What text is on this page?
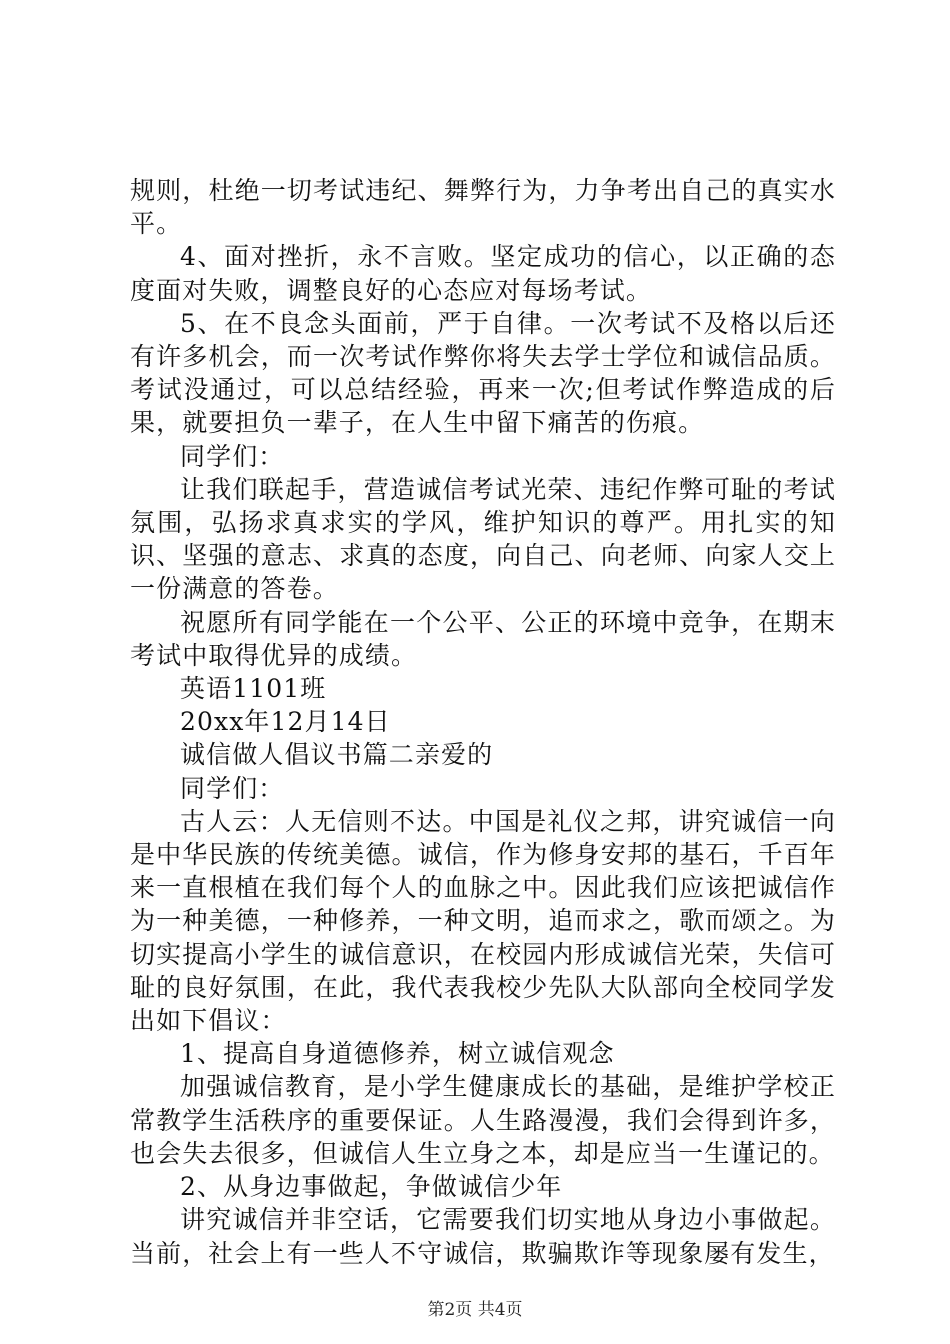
规则，杜绝一切考试违纪、舞弊行为，力争考出自己的真实水平。

4、面对挫折，永不言败。坚定成功的信心，以正确的态度面对失败，调整良好的心态应对每场考试。

5、在不良念头面前，严于自律。一次考试不及格以后还有许多机会，而一次考试作弊你将失去学士学位和诚信品质。考试没通过，可以总结经验，再来一次;但考试作弊造成的后果，就要担负一辈子，在人生中留下痛苦的伤痕。

同学们：

让我们联起手，营造诚信考试光荣、违纪作弊可耻的考试氛围，弘扬求真求实的学风，维护知识的尊严。用扎实的知识、坚强的意志、求真的态度，向自己、向老师、向家人交上一份满意的答卷。

祝愿所有同学能在一个公平、公正的环境中竞争，在期末考试中取得优异的成绩。

英语1101班

20xx年12月14日

诚信做人倡议书篇二亲爱的

同学们：

古人云：人无信则不达。中国是礼仪之邦，讲究诚信一向是中华民族的传统美德。诚信，作为修身安邦的基石，千百年来一直根植在我们每个人的血脉之中。因此我们应该把诚信作为一种美德，一种修养，一种文明，追而求之，歌而颂之。为切实提高小学生的诚信意识，在校园内形成诚信光荣，失信可耻的良好氛围，在此，我代表我校少先队大队部向全校同学发出如下倡议：

1、提高自身道德修养，树立诚信观念

加强诚信教育，是小学生健康成长的基础，是维护学校正常教学生活秩序的重要保证。人生路漫漫，我们会得到许多，也会失去很多，但诚信人生立身之本，却是应当一生谨记的。

2、从身边事做起，争做诚信少年

讲究诚信并非空话，它需要我们切实地从身边小事做起。当前，社会上有一些人不守诚信，欺骗欺诈等现象屡有发生，

第2页 共4页
